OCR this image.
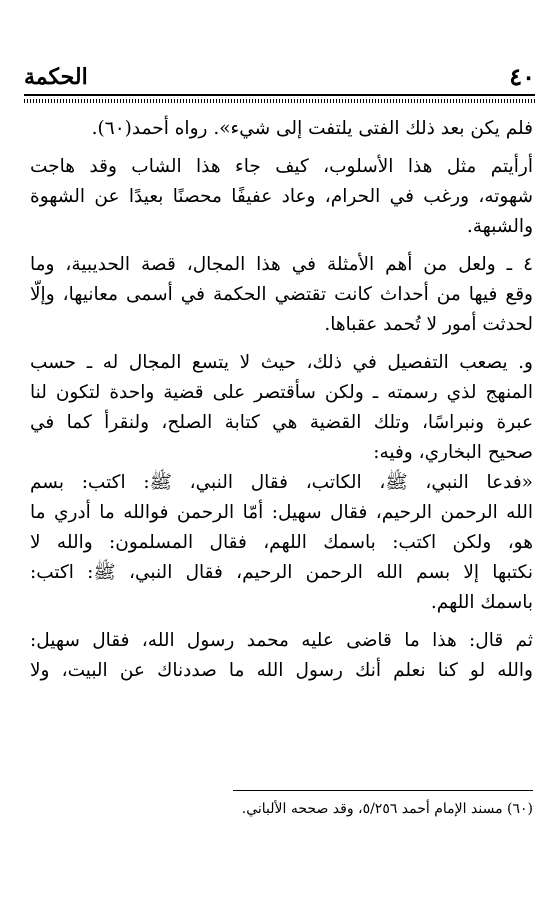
٤٠
الحكمة
فلم يكن بعد ذلك الفتى يلتفت إلى شيء». رواه أحمد(٦٠).
أرأيتم مثل هذا الأسلوب، كيف جاء هذا الشاب وقد هاجت
شهوته، ورغب في الحرام، وعاد عفيفًا محصنًا بعيدًا عن الشهوة
والشبهة.
٤ ـ ولعل من أهم الأمثلة في هذا المجال، قصة الحديبية، وما
وقع فيها من أحداث كانت تقتضي الحكمة في أسمى معانيها، وإلّا
لحدثت أمور لا تُحمد عقباها.
و. يصعب التفصيل في ذلك، حيث لا يتسع المجال له ـ حسب
المنهج لذي رسمته ـ ولكن سأقتصر على قضية واحدة لتكون لنا
عبرة ونبراسًا، وتلك القضية هي كتابة الصلح، ولنقرأ كما في
صحيح البخاري، وفيه:
«فدعا النبي، ﷺ، الكاتب، فقال النبي، ﷺ: اكتب: بسم
الله الرحمن الرحيم، فقال سهيل: أمّا الرحمن فوالله ما أدري ما
هو، ولكن اكتب: باسمك اللهم، فقال المسلمون: والله لا
نكتبها إلا بسم الله الرحمن الرحيم، فقال النبي، ﷺ: اكتب:
باسمك اللهم.
ثم قال: هذا ما قاضى عليه محمد رسول الله، فقال سهيل:
والله لو كنا نعلم أنك رسول الله ما صددناك عن البيت، ولا
(٦٠) مسند الإمام أحمد ٥/٢٥٦، وقد صححه الألباني.
